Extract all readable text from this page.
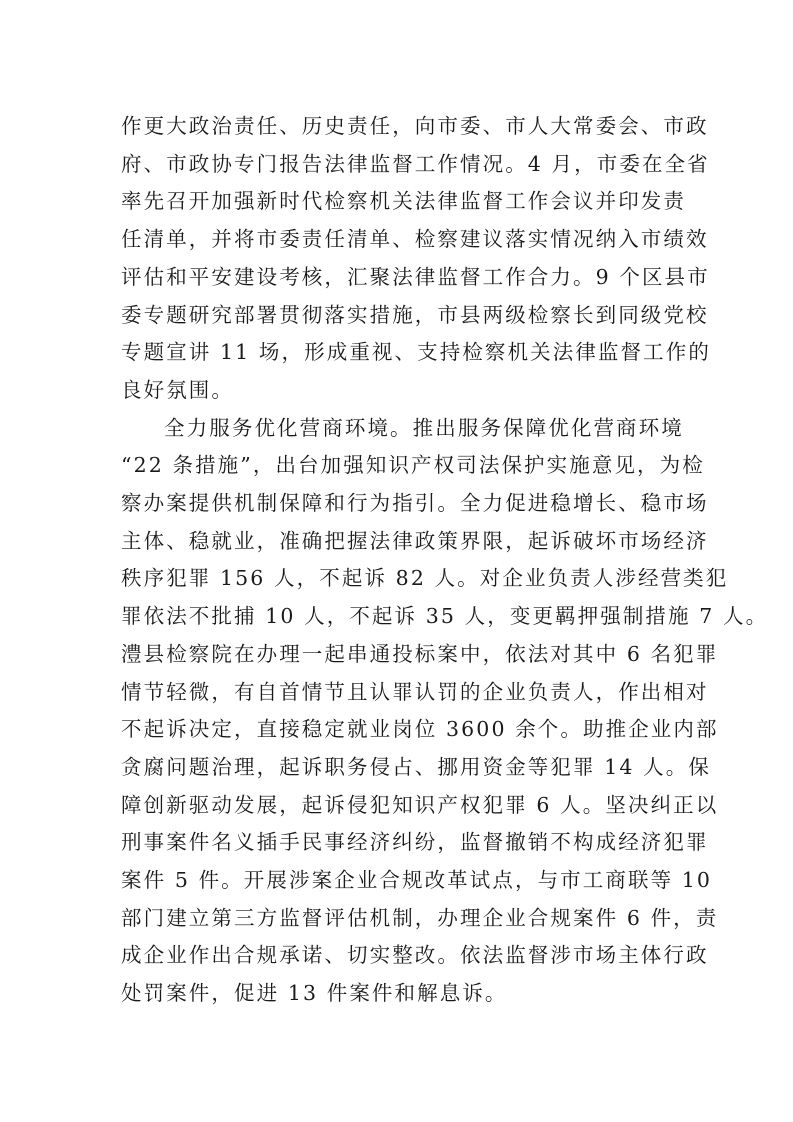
作更大政治责任、历史责任，向市委、市人大常委会、市政
府、市政协专门报告法律监督工作情况。4 月，市委在全省
率先召开加强新时代检察机关法律监督工作会议并印发责
任清单，并将市委责任清单、检察建议落实情况纳入市绩效
评估和平安建设考核，汇聚法律监督工作合力。9 个区县市
委专题研究部署贯彻落实措施，市县两级检察长到同级党校
专题宣讲 11 场，形成重视、支持检察机关法律监督工作的
良好氛围。
全力服务优化营商环境。推出服务保障优化营商环境
“22 条措施”，出台加强知识产权司法保护实施意见，为检
察办案提供机制保障和行为指引。全力促进稳增长、稳市场
主体、稳就业，准确把握法律政策界限，起诉破坏市场经济
秩序犯罪 156 人，不起诉 82 人。对企业负责人涉经营类犯
罪依法不批捕 10 人，不起诉 35 人，变更羁押强制措施 7 人。
澧县检察院在办理一起串通投标案中，依法对其中 6 名犯罪
情节轻微，有自首情节且认罪认罚的企业负责人，作出相对
不起诉决定，直接稳定就业岗位 3600 余个。助推企业内部
贪腐问题治理，起诉职务侵占、挪用资金等犯罪 14 人。保
障创新驱动发展，起诉侵犯知识产权犯罪 6 人。坚决纠正以
刑事案件名义插手民事经济纠纷，监督撤销不构成经济犯罪
案件 5 件。开展涉案企业合规改革试点，与市工商联等 10
部门建立第三方监督评估机制，办理企业合规案件 6 件，责
成企业作出合规承诺、切实整改。依法监督涉市场主体行政
处罚案件，促进 13 件案件和解息诉。
